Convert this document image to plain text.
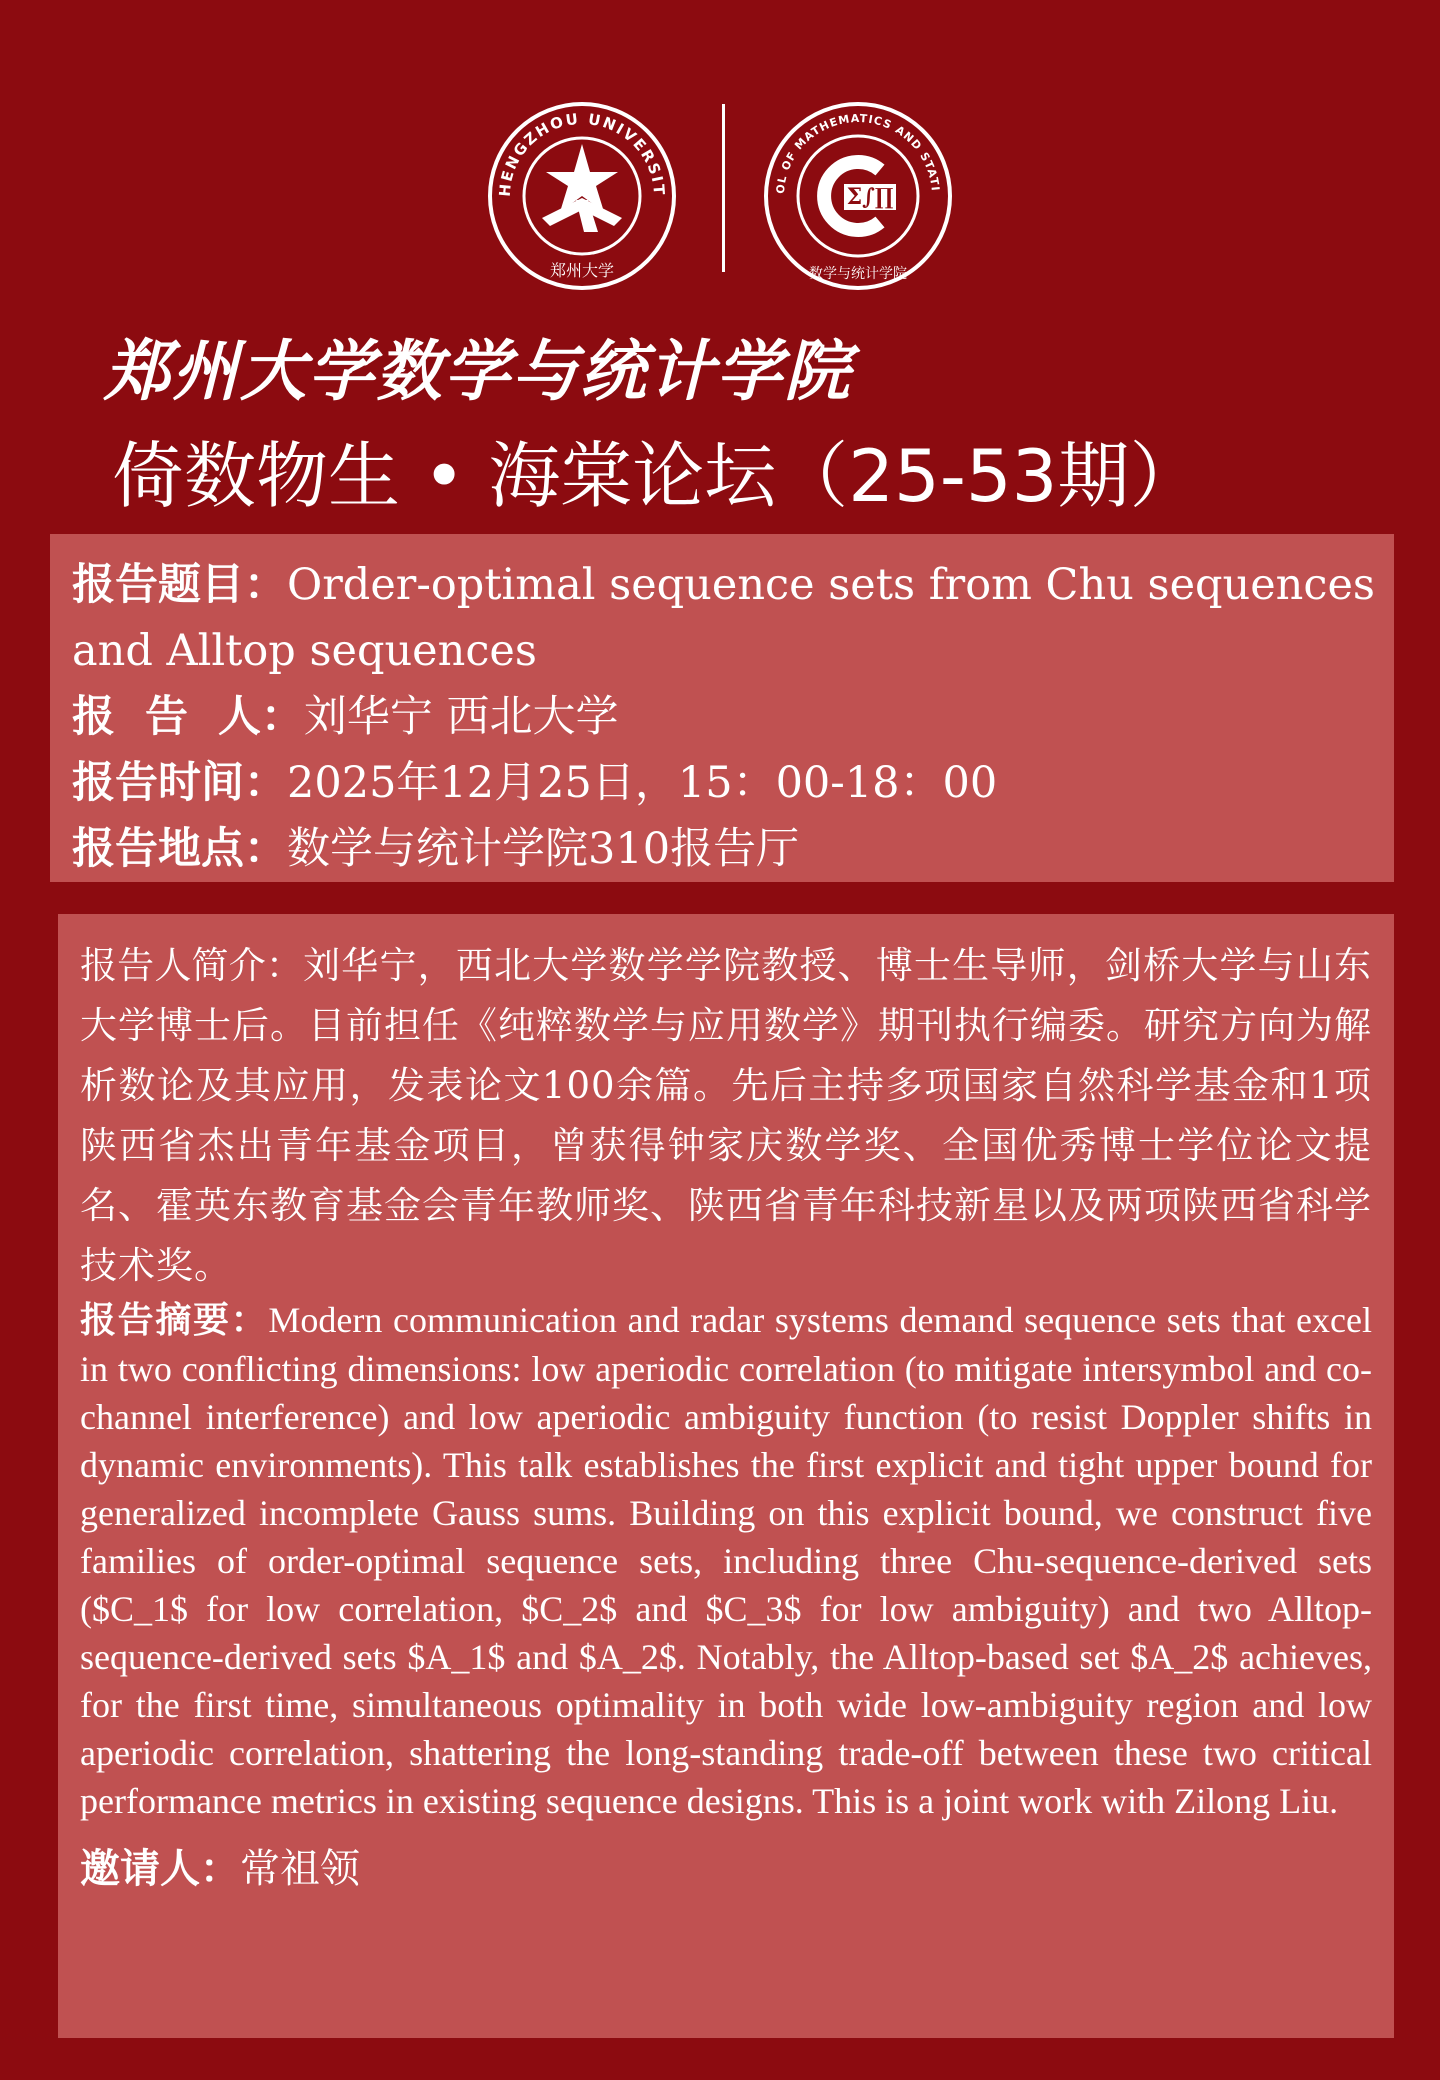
HENGZHOU UNIVERSIT
郑州大学
OL OF MATHEMATICS AND STATI
Σ∫∏
数学与统计学院
郑州大学数学与统计学院
倚数物生 • 海棠论坛（25-53期）
报告题目：Order-optimal sequence sets from Chu sequences
and Alltop sequences
报  告  人：刘华宁 西北大学
报告时间：2025年12月25日，15：00-18：00
报告地点：数学与统计学院310报告厅
报告人简介：刘华宁，西北大学数学学院教授、博士生导师，剑桥大学与山东大学博士后。目前担任《纯粹数学与应用数学》期刊执行编委。研究方向为解析数论及其应用，发表论文100余篇。先后主持多项国家自然科学基金和1项陕西省杰出青年基金项目，曾获得钟家庆数学奖、全国优秀博士学位论文提名、霍英东教育基金会青年教师奖、陕西省青年科技新星以及两项陕西省科学技术奖。
报告摘要：Modern communication and radar systems demand sequence sets that excel in two conflicting dimensions: low aperiodic correlation (to mitigate intersymbol and co-channel interference) and low aperiodic ambiguity function (to resist Doppler shifts in dynamic environments). This talk establishes the first explicit and tight upper bound for generalized incomplete Gauss sums. Building on this explicit bound, we construct five families of order-optimal sequence sets, including three Chu-sequence-derived sets ($C_1$ for low correlation, $C_2$ and $C_3$ for low ambiguity) and two Alltop-sequence-derived sets $A_1$ and $A_2$. Notably, the Alltop-based set $A_2$ achieves, for the first time, simultaneous optimality in both wide low-ambiguity region and low aperiodic correlation, shattering the long-standing trade-off between these two critical performance metrics in existing sequence designs. This is a joint work with Zilong Liu.
邀请人：常祖领
